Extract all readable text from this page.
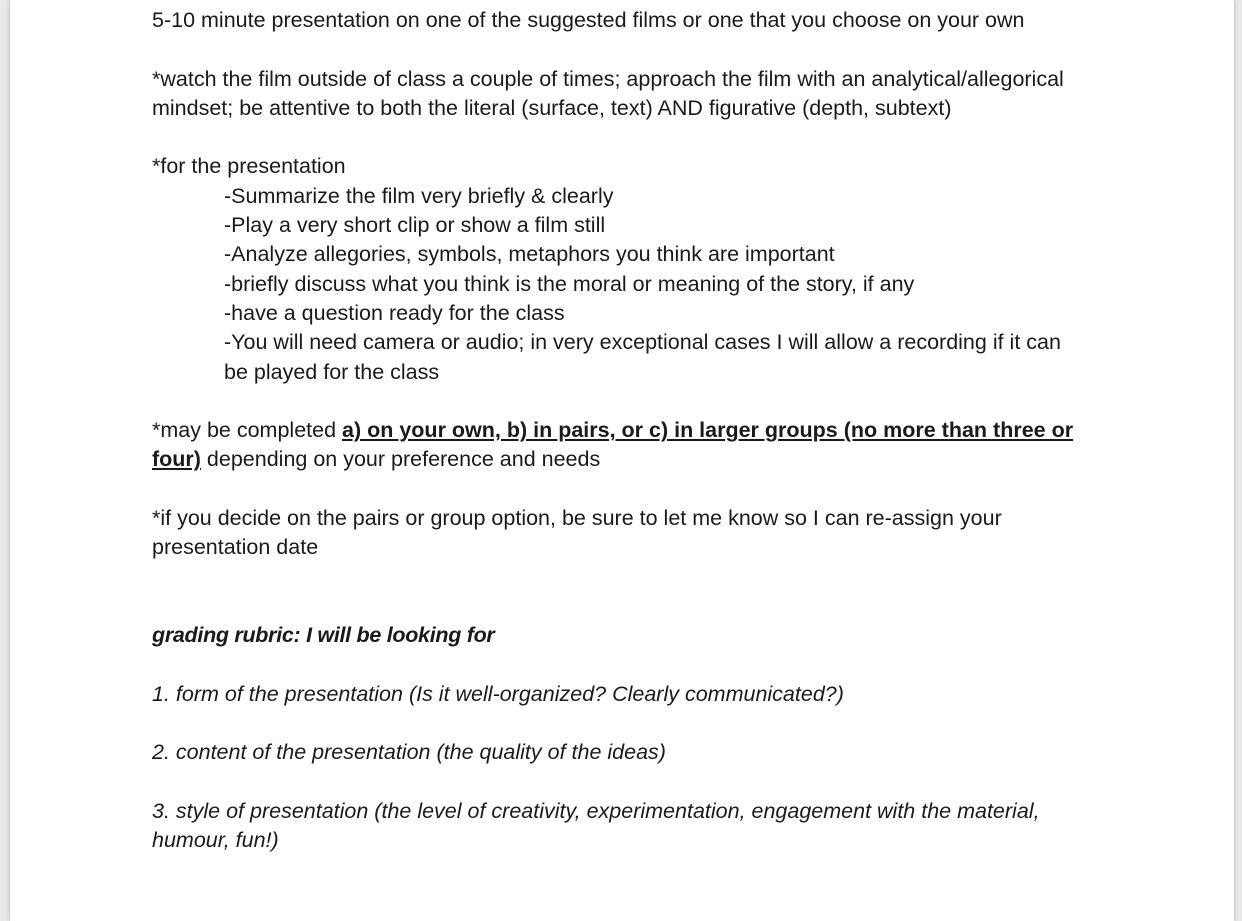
5-10 minute presentation on one of the suggested films or one that you choose on your own

*watch the film outside of class a couple of times; approach the film with an analytical/allegorical mindset; be attentive to both the literal (surface, text) AND figurative (depth, subtext)

*for the presentation

-Summarize the film very briefly & clearly

-Play a very short clip or show a film still

-Analyze allegories, symbols, metaphors you think are important

-briefly discuss what you think is the moral or meaning of the story, if any

-have a question ready for the class

-You will need camera or audio; in very exceptional cases I will allow a recording if it can be played for the class

*may be completed a) on your own, b) in pairs, or c) in larger groups (no more than three or four) depending on your preference and needs

*if you decide on the pairs or group option, be sure to let me know so I can re-assign your presentation date

grading rubric: I will be looking for

1. form of the presentation (Is it well-organized? Clearly communicated?)

2. content of the presentation (the quality of the ideas)

3. style of presentation (the level of creativity, experimentation, engagement with the material, humour, fun!)
